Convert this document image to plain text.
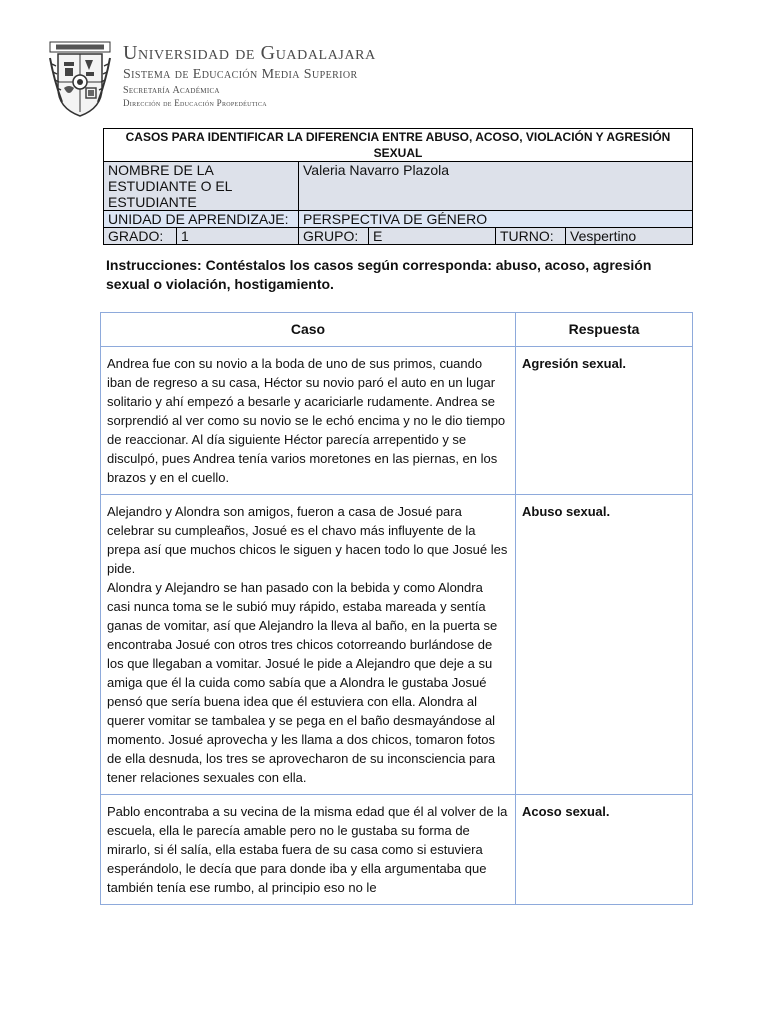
Universidad de Guadalajara
Sistema de Educación Media Superior
Secretaría Académica
Dirección de Educación Propedéutica
CASOS PARA IDENTIFICAR LA DIFERENCIA ENTRE ABUSO, ACOSO, VIOLACIÓN Y AGRESIÓN SEXUAL					
NOMBRE DE LA ESTUDIANTE O EL ESTUDIANTE		Valeria Navarro Plazola			
UNIDAD DE APRENDIZAJE:		PERSPECTIVA DE GÉNERO			
GRADO:	1	GRUPO:	E	TURNO:	Vespertino
Instrucciones: Contéstalos los casos según corresponda: abuso, acoso, agresión sexual o violación, hostigamiento.
Caso	Respuesta

Andrea fue con su novio a la boda de uno de sus primos, cuando iban de regreso a su casa, Héctor su novio paró el auto en un lugar solitario y ahí empezó a besarle y acariciarle rudamente. Andrea se sorprendió al ver como su novio se le echó encima y no le dio tiempo de reaccionar. Al día siguiente Héctor parecía arrepentido y se disculpó, pues Andrea tenía varios moretones en las piernas, en los brazos y en el cuello.	Agresión sexual.

Alejandro y Alondra son amigos, fueron a casa de Josué para celebrar su cumpleaños, Josué es el chavo más influyente de la prepa así que muchos chicos le siguen y hacen todo lo que Josué les pide.

Alondra y Alejandro se han pasado con la bebida y como Alondra casi nunca toma se le subió muy rápido, estaba mareada y sentía ganas de vomitar, así que Alejandro la lleva al baño, en la puerta se encontraba Josué con otros tres chicos cotorreando burlándose de los que llegaban a vomitar. Josué le pide a Alejandro que deje a su amiga que él la cuida como sabía que a Alondra le gustaba Josué pensó que sería buena idea que él estuviera con ella. Alondra al querer vomitar se tambalea y se pega en el baño desmayándose al momento. Josué aprovecha y les llama a dos chicos, tomaron fotos de ella desnuda, los tres se aprovecharon de su inconsciencia para tener relaciones sexuales con ella.	Abuso sexual.

Pablo encontraba a su vecina de la misma edad que él al volver de la escuela, ella le parecía amable pero no le gustaba su forma de mirarlo, si él salía, ella estaba fuera de su casa como si estuviera esperándolo, le decía que para donde iba y ella argumentaba que también tenía ese rumbo, al principio eso no le	Acoso sexual.
